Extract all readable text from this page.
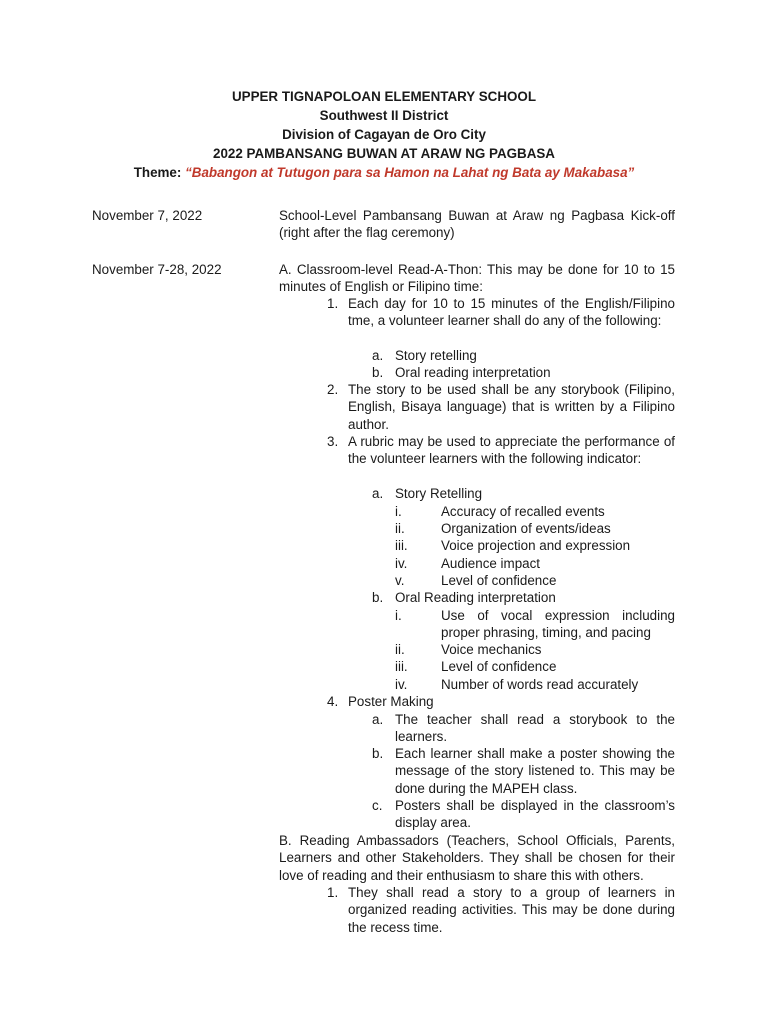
UPPER TIGNAPOLOAN ELEMENTARY SCHOOL
Southwest II District
Division of Cagayan de Oro City
2022 PAMBANSANG BUWAN AT ARAW NG PAGBASA
Theme: “Babangon at Tutugon para sa Hamon na Lahat ng Bata ay Makabasa”
November 7, 2022	School-Level Pambansang Buwan at Araw ng Pagbasa Kick-off (right after the flag ceremony)
November 7-28, 2022	A. Classroom-level Read-A-Thon: This may be done for 10 to 15 minutes of English or Filipino time:
1. Each day for 10 to 15 minutes of the English/Filipino tme, a volunteer learner shall do any of the following:
a. Story retelling
b. Oral reading interpretation
2. The story to be used shall be any storybook (Filipino, English, Bisaya language) that is written by a Filipino author.
3. A rubric may be used to appreciate the performance of the volunteer learners with the following indicator:
a. Story Retelling
i.	Accuracy of recalled events
ii.	Organization of events/ideas
iii. Voice projection and expression
iv.	Audience impact
v.	Level of confidence
b. Oral Reading interpretation
i.	Use of vocal expression including proper phrasing, timing, and pacing
ii.	Voice mechanics
iii. Level of confidence
iv.	Number of words read accurately
4. Poster Making
a. The teacher shall read a storybook to the learners.
b. Each learner shall make a poster showing the message of the story listened to. This may be done during the MAPEH class.
c. Posters shall be displayed in the classroom’s display area.
B. Reading Ambassadors (Teachers, School Officials, Parents, Learners and other Stakeholders. They shall be chosen for their love of reading and their enthusiasm to share this with others.
1. They shall read a story to a group of learners in organized reading activities. This may be done during the recess time.
